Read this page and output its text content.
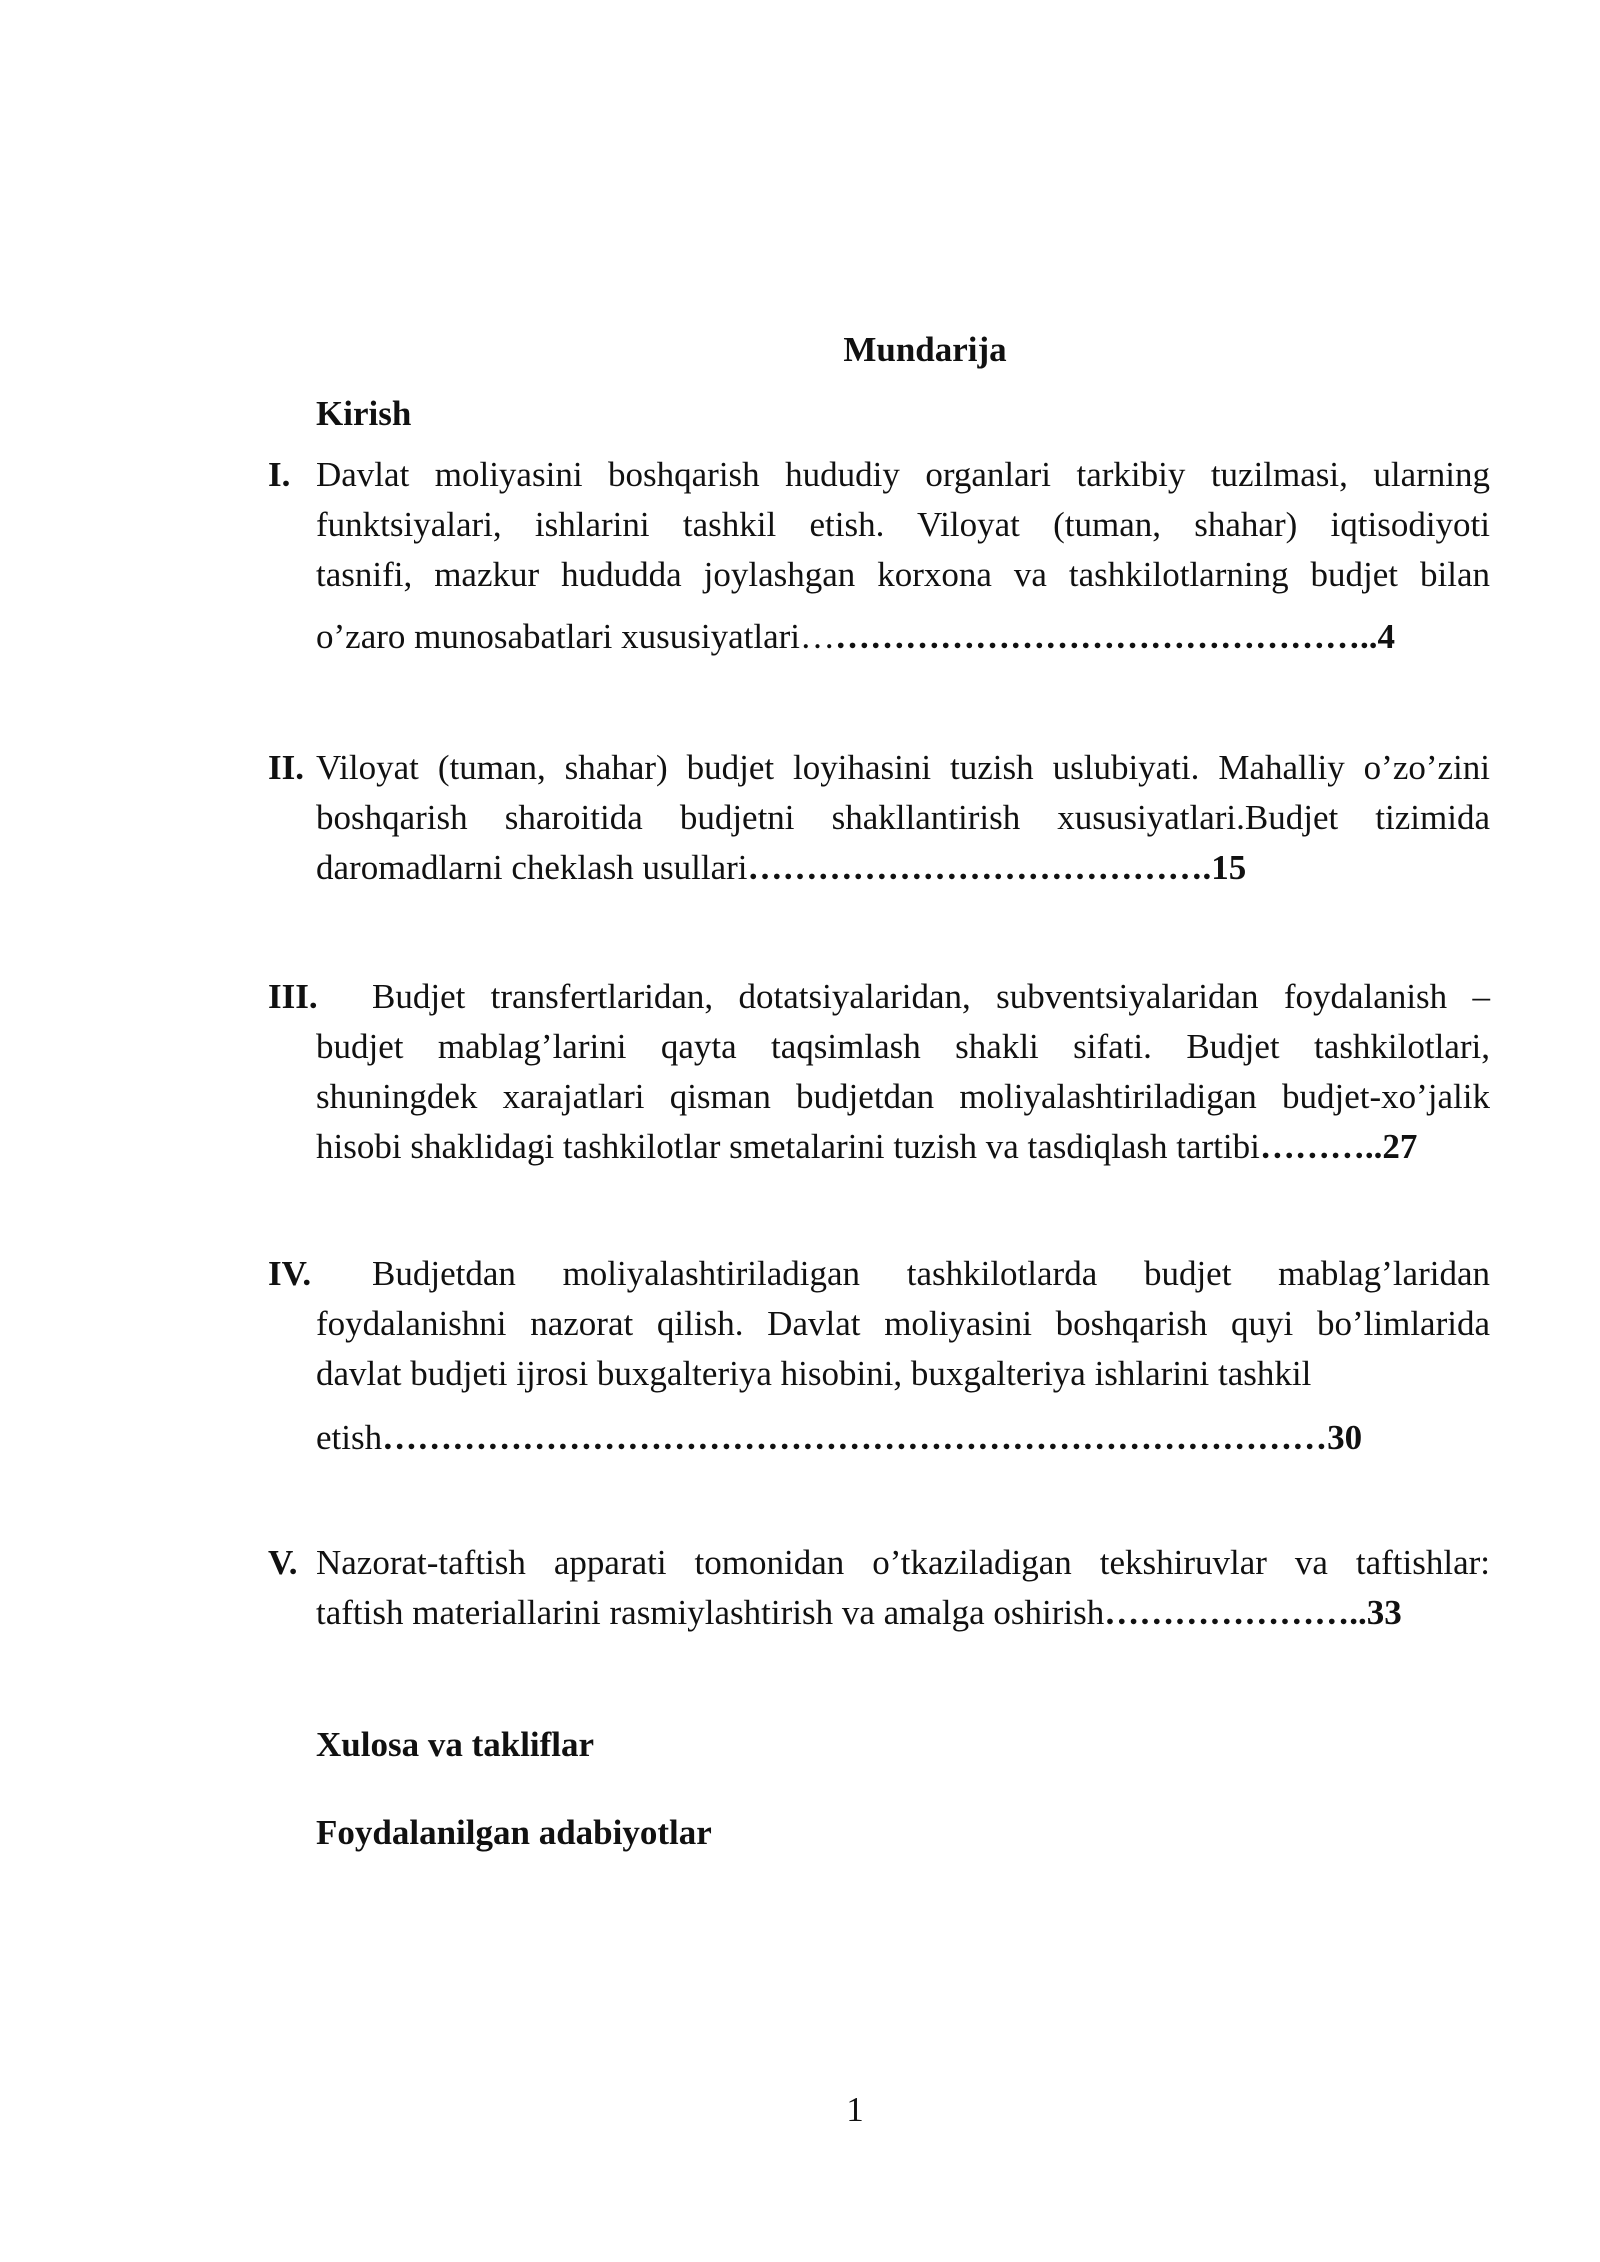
Mundarija
Kirish
I. Davlat moliyasini boshqarish hududiy organlari tarkibiy tuzilmasi, ularning
funktsiyalari, ishlarini tashkil etish. Viloyat (tuman, shahar) iqtisodiyoti
tasnifi, mazkur hududda joylashgan korxona va tashkilotlarning budjet bilan
o’zaro munosabatlari xususiyatlari…………………………………………..4
II. Viloyat (tuman, shahar) budjet loyihasini tuzish uslubiyati. Mahalliy o’zo’zini
boshqarish sharoitida budjetni shakllantirish xususiyatlari.Budjet tizimida
daromadlarni cheklash usullari………………………………….15
III. Budjet transfertlaridan, dotatsiyalaridan, subventsiyalaridan foydalanish –
budjet mablag’larini qayta taqsimlash shakli sifati. Budjet tashkilotlari,
shuningdek xarajatlari qisman budjetdan moliyalashtiriladigan budjet-xo’jalik
hisobi shaklidagi tashkilotlar smetalarini tuzish va tasdiqlash tartibi………..27
IV. Budjetdan moliyalashtiriladigan tashkilotlarda budjet mablag’laridan
foydalanishni nazorat qilish. Davlat moliyasini boshqarish quyi bo’limlarida
davlat budjeti ijrosi buxgalteriya hisobini, buxgalteriya ishlarini tashkil
etish………………………………………………………………………30
V. Nazorat-taftish apparati tomonidan o’tkaziladigan tekshiruvlar va taftishlar:
taftish materiallarini rasmiylashtirish va amalga oshirish…………………..33
Xulosa va takliflar
Foydalanilgan adabiyotlar
1
